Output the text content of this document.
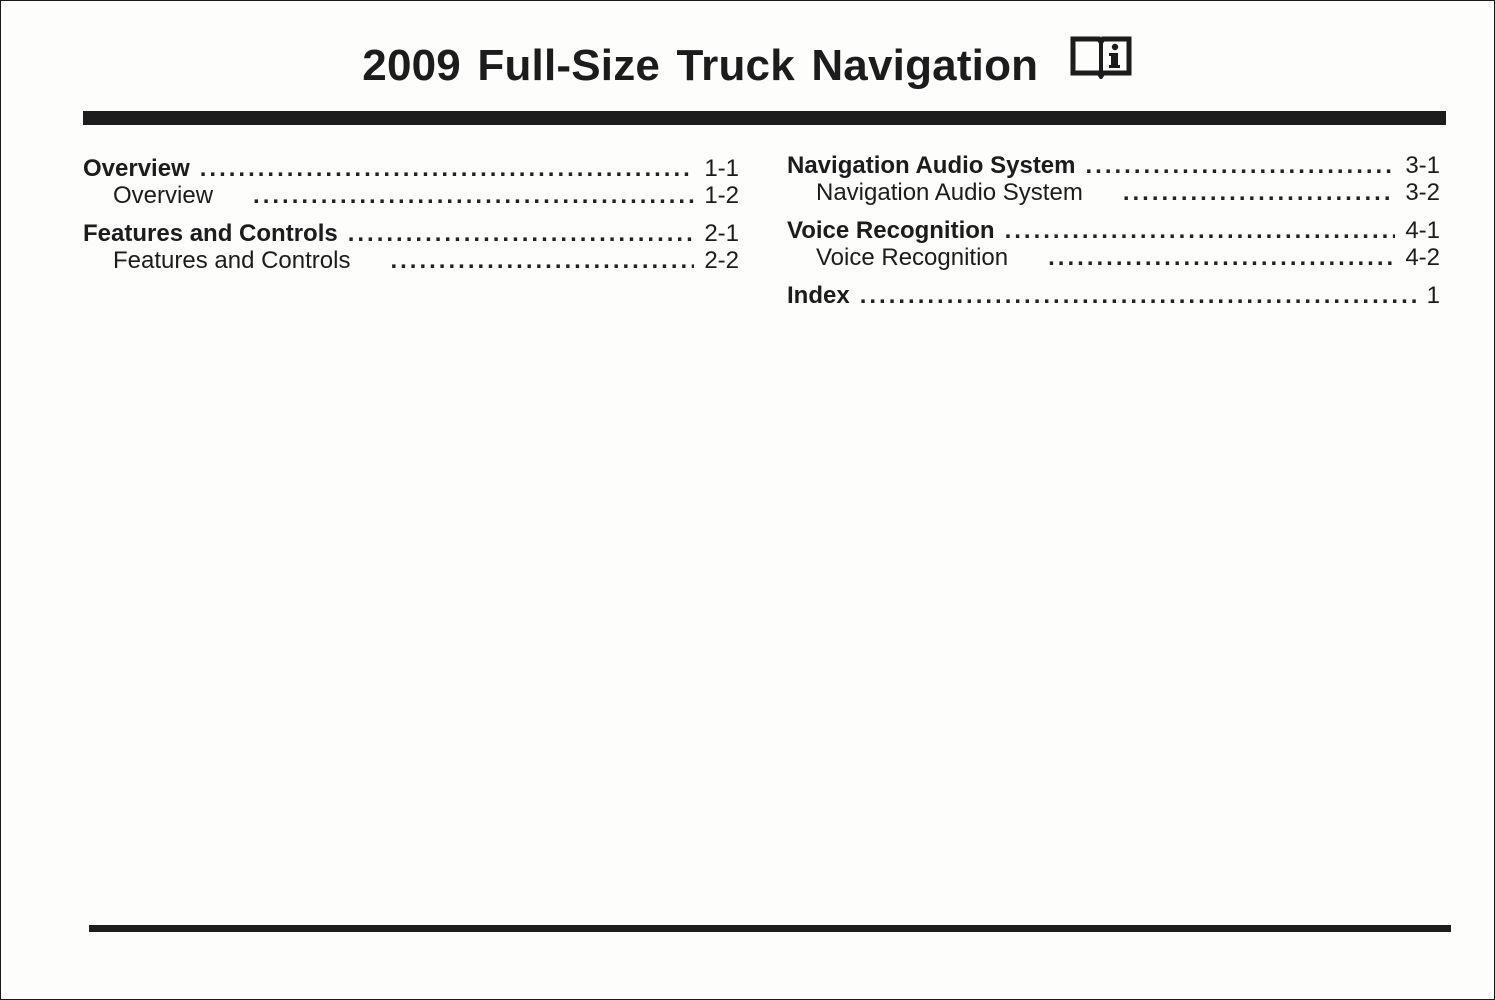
2009 Full-Size Truck Navigation
Overview .....	1-1
Overview .....	1-2
Features and Controls .....	2-1
Features and Controls .....	2-2
Navigation Audio System .....	3-1
Navigation Audio System .....	3-2
Voice Recognition .....	4-1
Voice Recognition .....	4-2
Index .....	1
